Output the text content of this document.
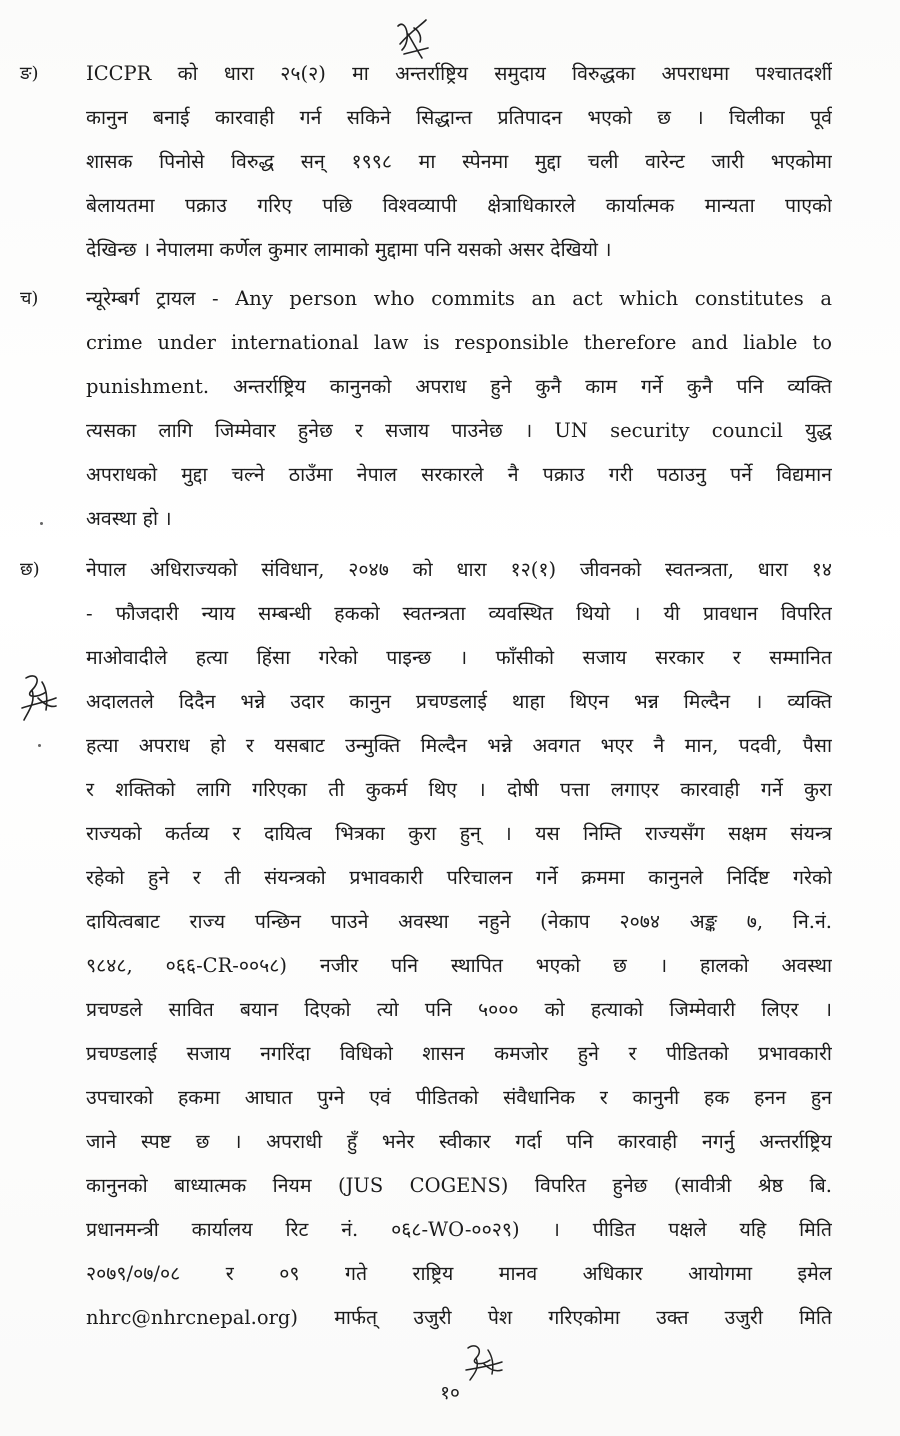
ङ) ICCPR को धारा २५(२) मा अन्तर्राष्ट्रिय समुदाय विरुद्धका अपराधमा पश्चातदर्शी
कानुन बनाई कारवाही गर्न सकिने सिद्धान्त प्रतिपादन भएको छ । चिलीका पूर्व
शासक पिनोसे विरुद्ध सन् १९९८ मा स्पेनमा मुद्दा चली वारेन्ट जारी भएकोमा
बेलायतमा पक्राउ गरिए पछि विश्वव्यापी क्षेत्राधिकारले कार्यात्मक मान्यता पाएको
देखिन्छ । नेपालमा कर्णेल कुमार लामाको मुद्दामा पनि यसको असर देखियो ।
च) न्यूरेम्बर्ग ट्रायल - Any person who commits an act which constitutes a
crime under international law is responsible therefore and liable to
punishment. अन्तर्राष्ट्रिय कानुनको अपराध हुने कुनै काम गर्ने कुनै पनि व्यक्ति
त्यसका लागि जिम्मेवार हुनेछ र सजाय पाउनेछ । UN security council युद्ध
अपराधको मुद्दा चल्ने ठाउँमा नेपाल सरकारले नै पक्राउ गरी पठाउनु पर्ने विद्यमान
अवस्था हो ।
छ) नेपाल अधिराज्यको संविधान, २०४७ को धारा १२(१) जीवनको स्वतन्त्रता, धारा १४
- फौजदारी न्याय सम्बन्धी हकको स्वतन्त्रता व्यवस्थित थियो । यी प्रावधान विपरित
माओवादीले हत्या हिंसा गरेको पाइन्छ । फाँसीको सजाय सरकार र सम्मानित
अदालतले दिदैन भन्ने उदार कानुन प्रचण्डलाई थाहा थिएन भन्न मिल्दैन । व्यक्ति
हत्या अपराध हो र यसबाट उन्मुक्ति मिल्दैन भन्ने अवगत भएर नै मान, पदवी, पैसा
र शक्तिको लागि गरिएका ती कुकर्म थिए । दोषी पत्ता लगाएर कारवाही गर्ने कुरा
राज्यको कर्तव्य र दायित्व भित्रका कुरा हुन् । यस निम्ति राज्यसँग सक्षम संयन्त्र
रहेको हुने र ती संयन्त्रको प्रभावकारी परिचालन गर्ने क्रममा कानुनले निर्दिष्ट गरेको
दायित्वबाट राज्य पन्छिन पाउने अवस्था नहुने (नेकाप २०७४ अङ्क ७, नि.नं.
९८४८, ०६६-CR-००५८) नजीर पनि स्थापित भएको छ । हालको अवस्था
प्रचण्डले सावित बयान दिएको त्यो पनि ५००० को हत्याको जिम्मेवारी लिएर ।
प्रचण्डलाई सजाय नगरिंदा विधिको शासन कमजोर हुने र पीडितको प्रभावकारी
उपचारको हकमा आघात पुग्ने एवं पीडितको संवैधानिक र कानुनी हक हनन हुन
जाने स्पष्ट छ । अपराधी हुँ भनेर स्वीकार गर्दा पनि कारवाही नगर्नु अन्तर्राष्ट्रिय
कानुनको बाध्यात्मक नियम (JUS COGENS) विपरित हुनेछ (सावीत्री श्रेष्ठ बि.
प्रधानमन्त्री कार्यालय रिट नं. ०६८-WO-००२९) । पीडित पक्षले यहि मिति
२०७९/०७/०८ र ०९ गते राष्ट्रिय मानव अधिकार आयोगमा इमेल
nhrc@nhrcnepal.org) मार्फत् उजुरी पेश गरिएकोमा उक्त उजुरी मिति
१०
